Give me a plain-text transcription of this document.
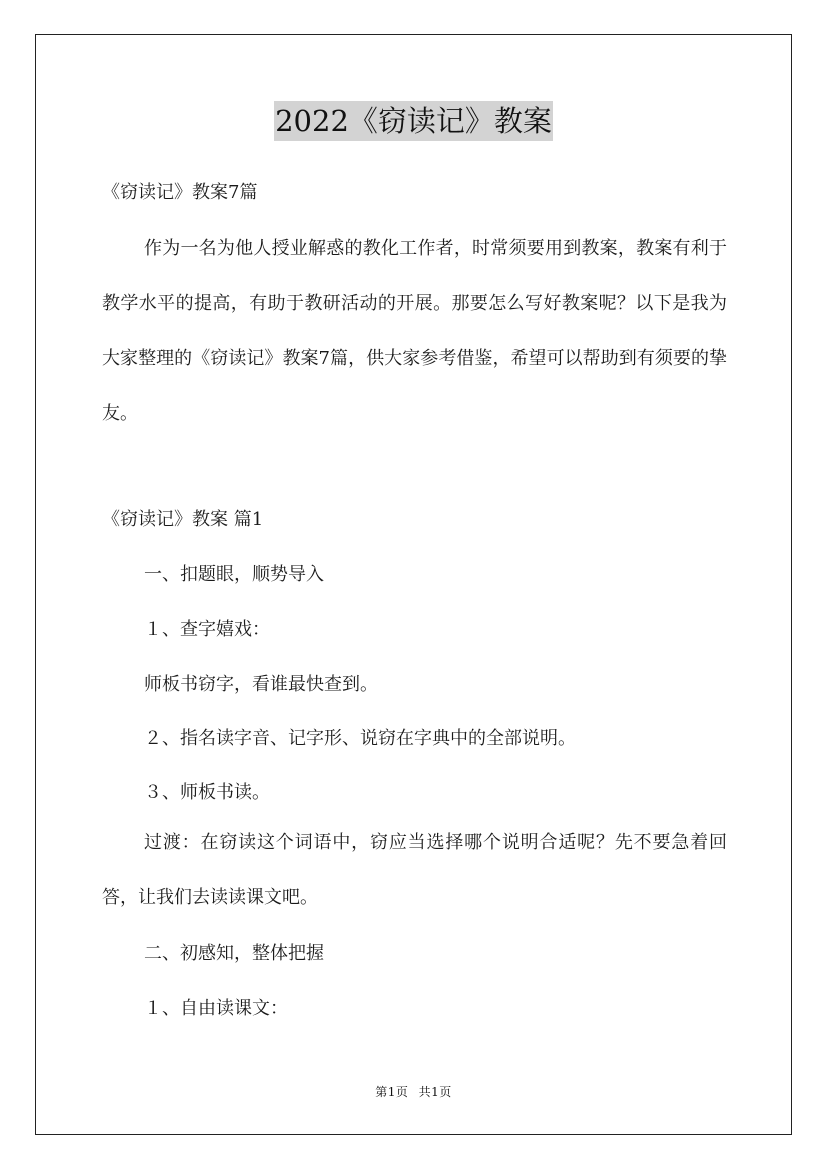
2022《窃读记》教案
《窃读记》教案7篇
作为一名为他人授业解惑的教化工作者，时常须要用到教案，教案有利于教学水平的提高，有助于教研活动的开展。那要怎么写好教案呢？以下是我为大家整理的《窃读记》教案7篇，供大家参考借鉴，希望可以帮助到有须要的挚友。
《窃读记》教案 篇1
一、扣题眼，顺势导入
１、查字嬉戏：
师板书窃字，看谁最快查到。
２、指名读字音、记字形、说窃在字典中的全部说明。
３、师板书读。
过渡：在窃读这个词语中，窃应当选择哪个说明合适呢？先不要急着回答，让我们去读读课文吧。
二、初感知，整体把握
１、自由读课文：
第1页 共1页
